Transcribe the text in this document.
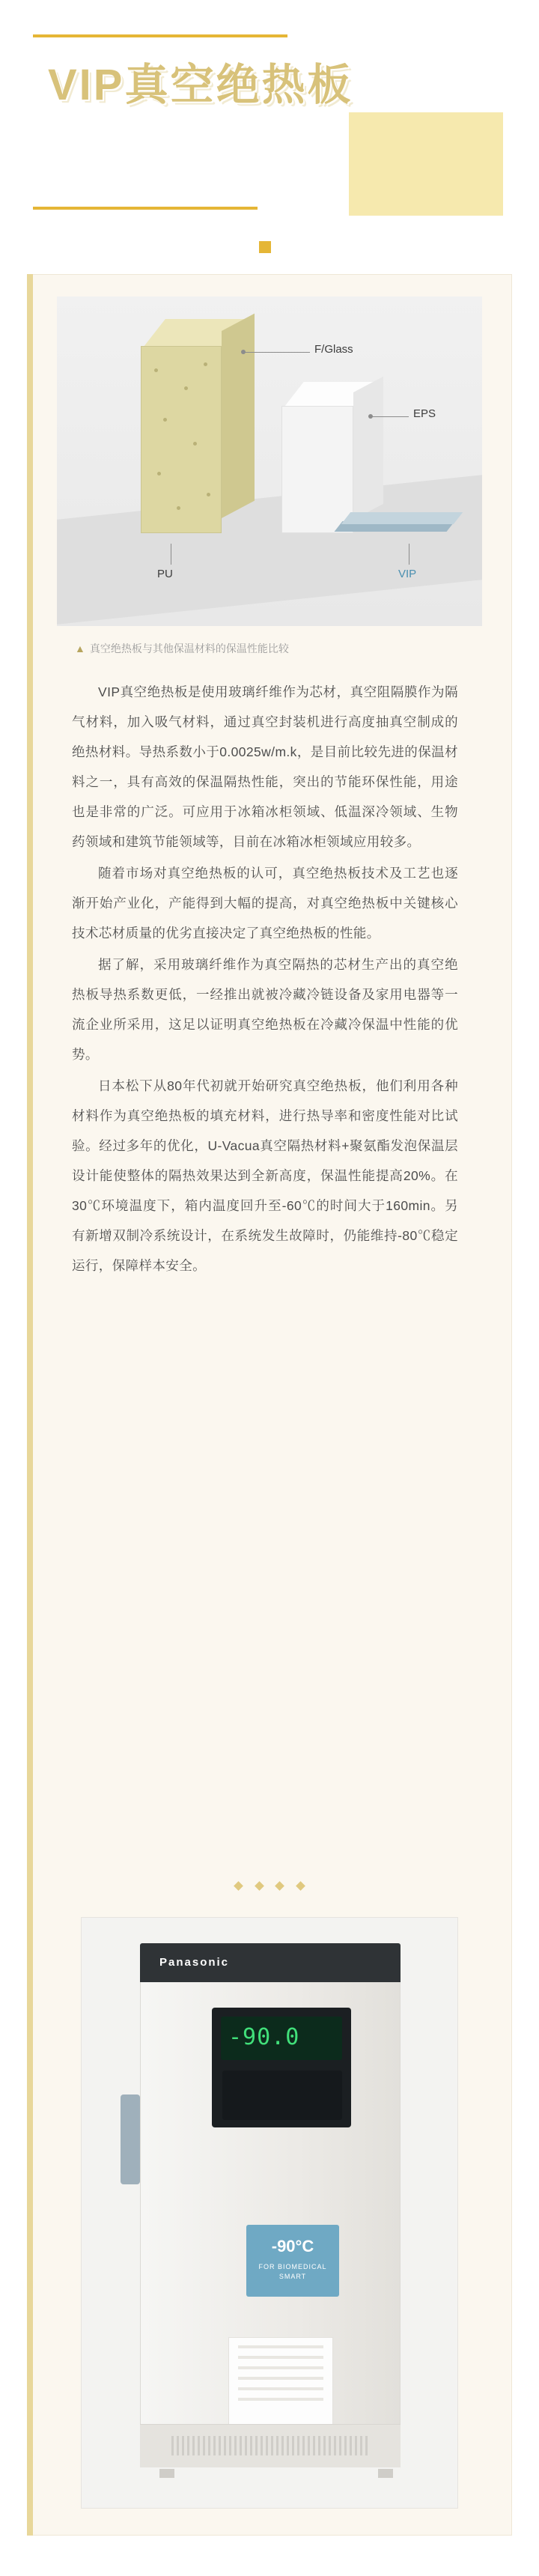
VIP真空绝热板
F/Glass
EPS
PU	VIP
▲ 真空绝热板与其他保温材料的保温性能比较

VIP真空绝热板是使用玻璃纤维作为芯材，真空阻隔膜作为隔气材料，加入吸气材料，通过真空封装机进行高度抽真空制成的绝热材料。导热系数小于0.0025w/m.k，是目前比较先进的保温材料之一，具有高效的保温隔热性能，突出的节能环保性能，用途也是非常的广泛。可应用于冰箱冰柜领域、低温深冷领域、生物药领域和建筑节能领域等，目前在冰箱冰柜领域应用较多。

随着市场对真空绝热板的认可，真空绝热板技术及工艺也逐渐开始产业化，产能得到大幅的提高，对真空绝热板中关键核心技术芯材质量的优劣直接决定了真空绝热板的性能。

据了解，采用玻璃纤维作为真空隔热的芯材生产出的真空绝热板导热系数更低，一经推出就被冷藏冷链设备及家用电器等一流企业所采用，这足以证明真空绝热板在冷藏冷保温中性能的优势。

日本松下从80年代初就开始研究真空绝热板，他们利用各种材料作为真空绝热板的填充材料，进行热导率和密度性能对比试验。经过多年的优化，U-Vacua真空隔热材料+聚氨酯发泡保温层设计能使整体的隔热效果达到全新高度，保温性能提高20%。在30℃环境温度下，箱内温度回升至-60℃的时间大于160min。另有新增双制冷系统设计，在系统发生故障时，仍能维持-80℃稳定运行，保障样本安全。

Panasonic
-90.0
-90°C
FOR BIOMEDICAL SMART
